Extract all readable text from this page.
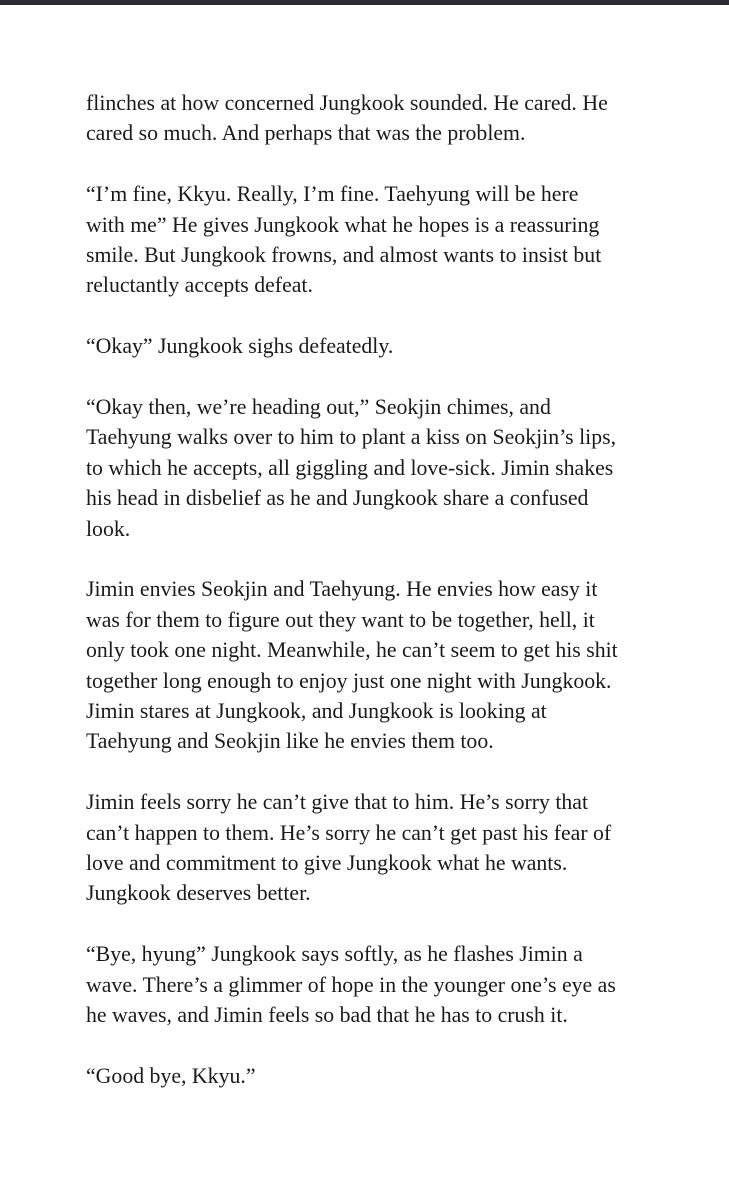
flinches at how concerned Jungkook sounded. He cared. He
cared so much. And perhaps that was the problem.

“I’m fine, Kkyu. Really, I’m fine. Taehyung will be here
with me” He gives Jungkook what he hopes is a reassuring
smile. But Jungkook frowns, and almost wants to insist but
reluctantly accepts defeat.

“Okay” Jungkook sighs defeatedly.

“Okay then, we’re heading out,” Seokjin chimes, and
Taehyung walks over to him to plant a kiss on Seokjin’s lips,
to which he accepts, all giggling and love-sick. Jimin shakes
his head in disbelief as he and Jungkook share a confused
look.

Jimin envies Seokjin and Taehyung. He envies how easy it
was for them to figure out they want to be together, hell, it
only took one night. Meanwhile, he can’t seem to get his shit
together long enough to enjoy just one night with Jungkook.
Jimin stares at Jungkook, and Jungkook is looking at
Taehyung and Seokjin like he envies them too.

Jimin feels sorry he can’t give that to him. He’s sorry that
can’t happen to them. He’s sorry he can’t get past his fear of
love and commitment to give Jungkook what he wants.
Jungkook deserves better.

“Bye, hyung” Jungkook says softly, as he flashes Jimin a
wave. There’s a glimmer of hope in the younger one’s eye as
he waves, and Jimin feels so bad that he has to crush it.

“Good bye, Kkyu.”
